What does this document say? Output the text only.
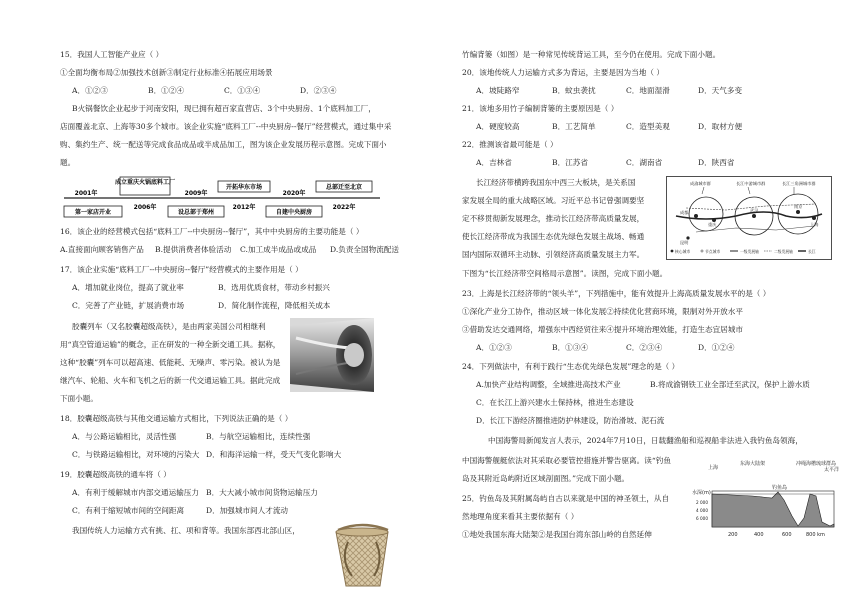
15．我国人工智能产业应（ ）
①全面均衡布局②加强技术创新③制定行业标准④拓展应用场景
A．①②③	B．①②④	C．①③④	D．②③④
B火锅餐饮企业起步于河南安阳，现已拥有超百家直营店、3个中央厨房、1个底料加工厂，
店面覆盖北京、上海等30多个城市。该企业实施“底料工厂--中央厨房--餐厅”经营模式，通过集中采
购、集约生产、统一配送等完成食品成品或半成品加工，图为该企业发展历程示意图。完成下面小
题。
2001年
第一家店开业
成立重庆火锅底料工厂
2006年
2009年
设总部于郑州
开拓华东市场
2012年
2020年
自建中央厨房
总部迁至北京
2022年
16．该企业的经营模式包括“底料工厂--中央厨房--餐厅”，其中中央厨房的主要功能是（ ）
A.直接面向顾客销售产品 B.提供消费者体验活动 C.加工成半成品或成品 D.负责全国物流配送
17．该企业实施“底料工厂--中央厨房--餐厅”经营模式的主要作用是（ ）
A．增加就业岗位，提高了就业率	B．选用优质食材，带动乡村振兴
C．完善了产业链，扩展消费市场	D．简化制作流程，降低相关成本
胶囊列车（又名胶囊超级高铁），是由两家美国公司相继利
用“真空管道运输”的概念，正在研发的一种全新交通工具。据称，
这种“胶囊”列车可以超高速、低能耗、无噪声、零污染。被认为是
继汽车、轮船、火车和飞机之后的新一代交通运输工具。据此完成
下面小题。
18．胶囊超级高铁与其他交通运输方式相比，下列说法正确的是（ ）
A．与公路运输相比，灵活性强	B．与航空运输相比，连续性强
C．与铁路运输相比，对环境的污染大 D．和海洋运输一样，受天气变化影响大
19．胶囊超级高铁的通车将（ ）
A．有利于缓解城市内部交通运输压力 B．大大减小城市间货物运输压力
C．有利于缩短城市间的空间距离	D．加强城市间人才流动
我国传统人力运输方式有挑、扛、项和背等。我国东部西北部山区，
竹编背篓（如图）是一种常见传统背运工具，至今仍在使用。完成下面小题。
20．该地传统人力运输方式多为背运，主要是因为当地（ ）
A．坡陡路窄	B．蚊虫袭扰	C．地面湿滑	D．天气多变
21．该地多用竹子编制背篓的主要原因是（ ）
A．硬度较高	B．工艺简单	C．造型美观	D．取材方便
22．推测该省最可能是（ ）
A．吉林省	B．江苏省	C．湖南省	D．陕西省
长江经济带横跨我国东中西三大板块，是关系国
家发展全局的重大战略区域。习近平总书记曾强调要坚
定不移贯彻新发展理念，推动长江经济带高质量发展，
使长江经济带成为我国生态优先绿色发展主战场、畅通
国内国际双循环主动脉、引领经济高质量发展主力军。
下图为“长江经济带空间格局示意图”。读图，完成下面小题。
成渝城市群	长江中游城市群	长江三角洲城市群
成都
重庆
武汉
南京
上海
昆明
核心城市	节点城市	一级发展轴	二级发展轴	长江
23．上海是长江经济带的“领头羊”，下列措施中，能有效提升上海高质量发展水平的是（ ）
①深化产业分工协作，推动区域一体化发展②持续优化营商环境，限制对外开放水平
③借助发达交通网络，增强东中西经贸往来④提升环境治理效能，打造生态宜居城市
A．①②③	B．①③④	C．②③④	D．①②④
24．下列做法中，有利于践行“生态优先绿色发展”理念的是（ ）
A.加快产业结构调整，全域推进高技术产业	B.将成渝钢铁工业全部迁至武汉，保护上游水质
C．在长江上游兴建水土保持林，推进生态建设
D．长江下游经济圈推进防护林建设，防治滑坡、泥石流
中国海警局新闻发言人表示，2024年7月10日，日载翻渔船和巡视船非法进入我钓鱼岛领海，
中国海警舰艇依法对其采取必要管控措施并警告驱离。读“钓鱼
岛及其附近岛屿附近区域剖面图。”完成下面小题。
25．钓鱼岛及其附属岛屿自古以来就是中国的神圣领土，从自
然地理角度来看其主要依据有（ ）
①地处我国东海大陆架②是我国台湾东部山岭的自然延伸
上海
东海大陆架
钓鱼岛
冲绳海槽 琉球群岛
太平洋
水深(m)
2 000
4 000
6 000
200	400	600	800 km
